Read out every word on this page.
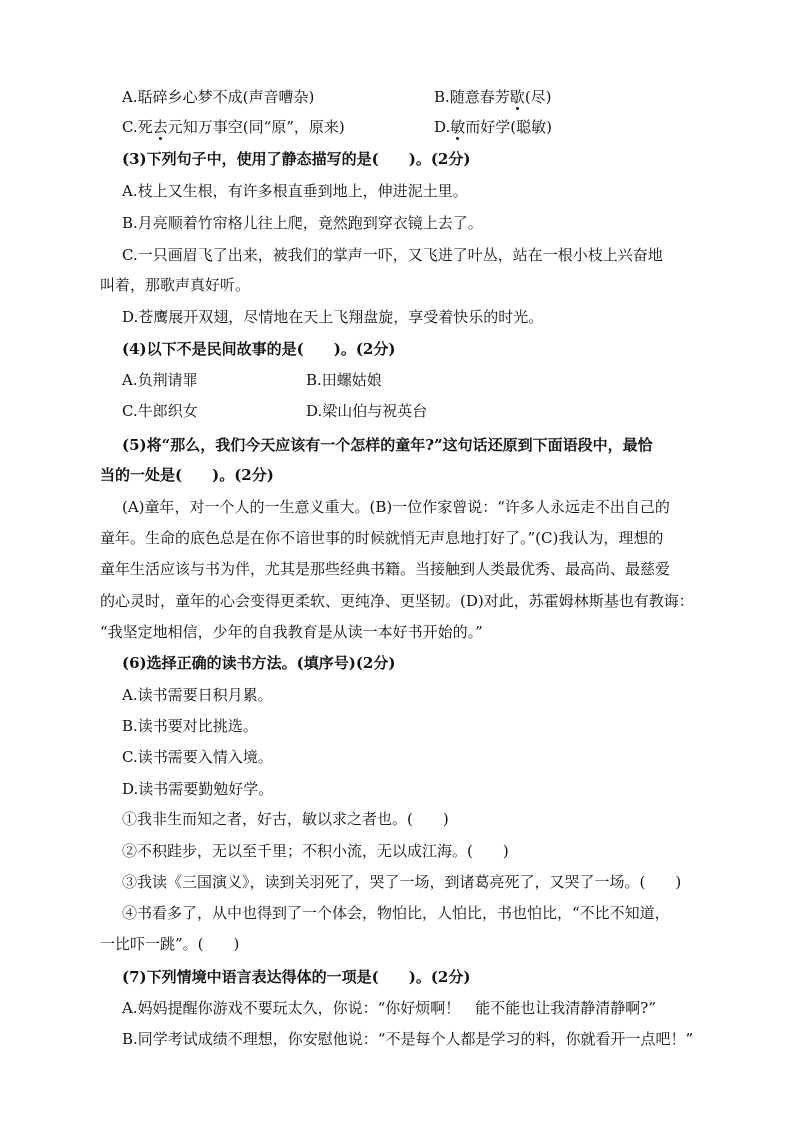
A.聒碎乡心梦不成(声音嘈杂)	B.随意春芳歇(尽)
C.死去元知万事空(同“原”，原来)	D.敏而好学(聪敏)
(3)下列句子中，使用了静态描写的是(　　)。(2分)
A.枝上又生根，有许多根直垂到地上，伸进泥土里。
B.月亮顺着竹帘格儿往上爬，竟然跑到穿衣镜上去了。
C.一只画眉飞了出来，被我们的掌声一吓，又飞进了叶丛，站在一根小枝上兴奋地
叫着，那歌声真好听。
D.苍鹰展开双翅，尽情地在天上飞翔盘旋，享受着快乐的时光。
(4)以下不是民间故事的是(　　)。(2分)
A.负荆请罪	B.田螺姑娘
C.牛郎织女	D.梁山伯与祝英台
(5)将“那么，我们今天应该有一个怎样的童年?”这句话还原到下面语段中，最恰
当的一处是(　　)。(2分)
(A)童年，对一个人的一生意义重大。(B)一位作家曾说：“许多人永远走不出自己的
童年。生命的底色总是在你不谙世事的时候就悄无声息地打好了。”(C)我认为，理想的
童年生活应该与书为伴，尤其是那些经典书籍。当接触到人类最优秀、最高尚、最慈爱
的心灵时，童年的心会变得更柔软、更纯净、更坚韧。(D)对此，苏霍姆林斯基也有教诲：
“我坚定地相信，少年的自我教育是从读一本好书开始的。”
(6)选择正确的读书方法。(填序号)(2分)
A.读书需要日积月累。
B.读书要对比挑选。
C.读书需要入情入境。
D.读书需要勤勉好学。
①我非生而知之者，好古，敏以求之者也。(　　)
②不积跬步，无以至千里；不积小流，无以成江海。(　　)
③我读《三国演义》，读到关羽死了，哭了一场，到诸葛亮死了，又哭了一场。(　　)
④书看多了，从中也得到了一个体会，物怕比，人怕比，书也怕比，“不比不知道，
一比吓一跳”。(　　)
(7)下列情境中语言表达得体的一项是(　　)。(2分)
A.妈妈提醒你游戏不要玩太久，你说：“你好烦啊！　能不能也让我清静清静啊?”
B.同学考试成绩不理想，你安慰他说：“不是每个人都是学习的料，你就看开一点吧！”
